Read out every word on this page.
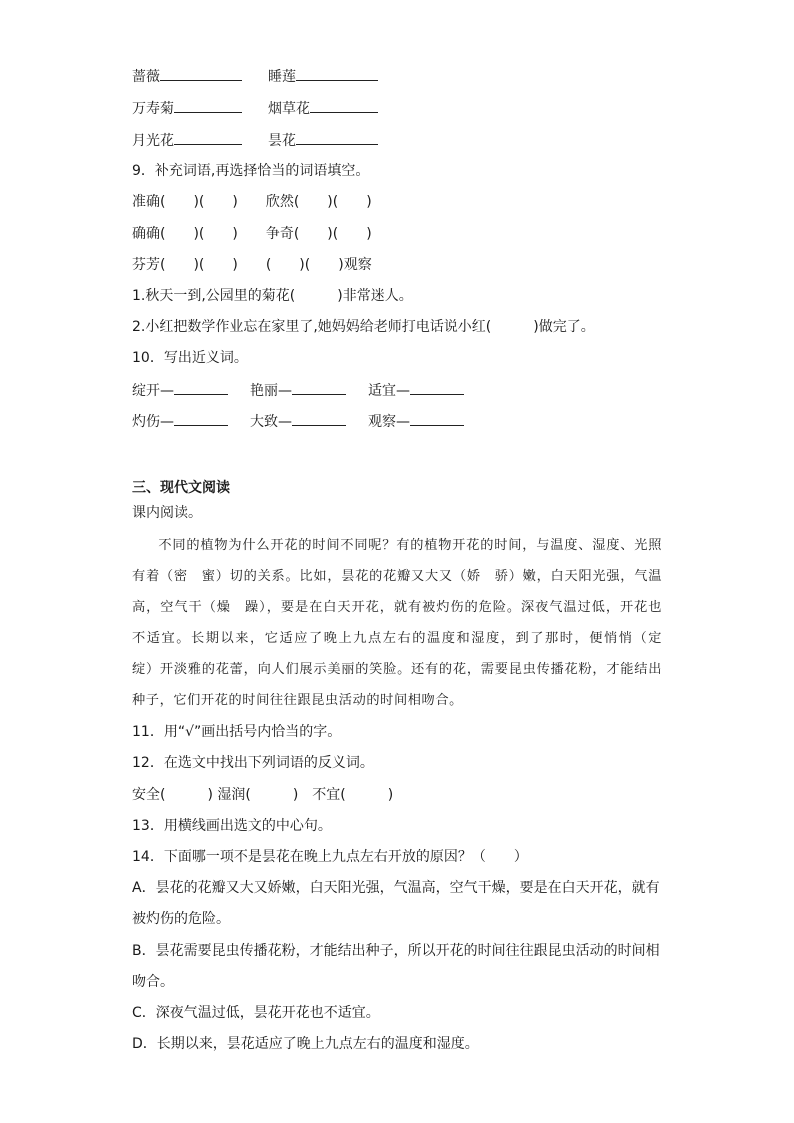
蔷薇	睡莲
万寿菊	烟草花
月光花	昙花
9．补充词语,再选择恰当的词语填空。
准确(　　)(　　)　　欣然(　　)(　　)
确确(　　)(　　)　　争奇(　　)(　　)
芬芳(　　)(　　)　　(　　)(　　)观察
1.秋天一到,公园里的菊花(　　　)非常迷人。
2.小红把数学作业忘在家里了,她妈妈给老师打电话说小红(　　　)做完了。
10．写出近义词。
绽开—	艳丽—	适宜—
灼伤—	大致—	观察—
三、现代文阅读
课内阅读。

不同的植物为什么开花的时间不同呢？有的植物开花的时间，与温度、湿度、光照有着（密　蜜）切的关系。比如，昙花的花瓣又大又（娇　骄）嫩，白天阳光强，气温高，空气干（燥　躁），要是在白天开花，就有被灼伤的危险。深夜气温过低，开花也不适宜。长期以来，它适应了晚上九点左右的温度和湿度，到了那时，便悄悄（定　绽）开淡雅的花蕾，向人们展示美丽的笑脸。还有的花，需要昆虫传播花粉，才能结出种子，它们开花的时间往往跟昆虫活动的时间相吻合。

11．用“√”画出括号内恰当的字。
12．在选文中找出下列词语的反义词。
安全(　　　) 湿润(　　　)　不宜(　　　)
13．用横线画出选文的中心句。
14．下面哪一项不是昙花在晚上九点左右开放的原因？（　　）
A．昙花的花瓣又大又娇嫩，白天阳光强，气温高，空气干燥，要是在白天开花，就有被灼伤的危险。
B．昙花需要昆虫传播花粉，才能结出种子，所以开花的时间往往跟昆虫活动的时间相吻合。
C．深夜气温过低，昙花开花也不适宜。
D．长期以来，昙花适应了晚上九点左右的温度和湿度。
